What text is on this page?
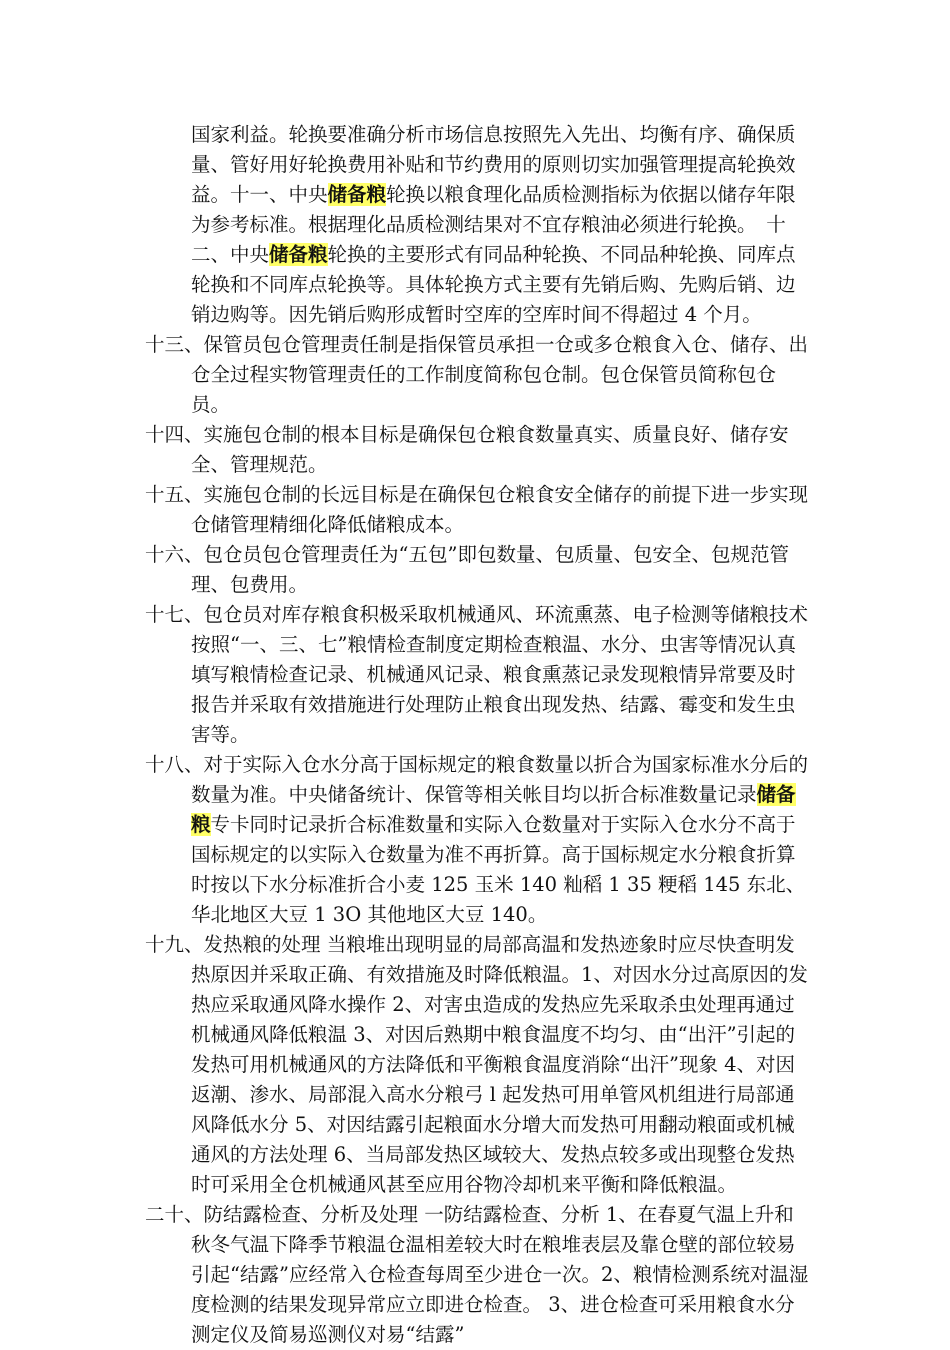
国家利益。轮换要准确分析市场信息按照先入先出、均衡有序、确保质量、管好用好轮换费用补贴和节约费用的原则切实加强管理提高轮换效益。十一、中央储备粮轮换以粮食理化品质检测指标为依据以储存年限为参考标准。根据理化品质检测结果对不宜存粮油必须进行轮换。　十二、中央储备粮轮换的主要形式有同品种轮换、不同品种轮换、同库点轮换和不同库点轮换等。具体轮换方式主要有先销后购、先购后销、边销边购等。因先销后购形成暂时空库的空库时间不得超过 4 个月。

十三、保管员包仓管理责任制是指保管员承担一仓或多仓粮食入仓、储存、出仓全过程实物管理责任的工作制度简称包仓制。包仓保管员简称包仓员。

十四、实施包仓制的根本目标是确保包仓粮食数量真实、质量良好、储存安全、管理规范。

十五、实施包仓制的长远目标是在确保包仓粮食安全储存的前提下进一步实现仓储管理精细化降低储粮成本。

十六、包仓员包仓管理责任为“五包”即包数量、包质量、包安全、包规范管理、包费用。

十七、包仓员对库存粮食积极采取机械通风、环流熏蒸、电子检测等储粮技术按照“一、三、七”粮情检查制度定期检查粮温、水分、虫害等情况认真填写粮情检查记录、机械通风记录、粮食熏蒸记录发现粮情异常要及时报告并采取有效措施进行处理防止粮食出现发热、结露、霉变和发生虫害等。

十八、对于实际入仓水分高于国标规定的粮食数量以折合为国家标准水分后的数量为准。中央储备统计、保管等相关帐目均以折合标准数量记录储备粮专卡同时记录折合标准数量和实际入仓数量对于实际入仓水分不高于国标规定的以实际入仓数量为准不再折算。高于国标规定水分粮食折算时按以下水分标准折合小麦 125 玉米 140 籼稻 1 35 粳稻 145 东北、华北地区大豆 1 3O 其他地区大豆 140。

十九、发热粮的处理 当粮堆出现明显的局部高温和发热迹象时应尽快查明发热原因并采取正确、有效措施及时降低粮温。1、对因水分过高原因的发热应采取通风降水操作 2、对害虫造成的发热应先采取杀虫处理再通过机械通风降低粮温 3、对因后熟期中粮食温度不均匀、由“出汗”引起的发热可用机械通风的方法降低和平衡粮食温度消除“出汗”现象 4、对因返潮、渗水、局部混入高水分粮弓 l 起发热可用单管风机组进行局部通风降低水分 5、对因结露引起粮面水分增大而发热可用翻动粮面或机械通风的方法处理 6、当局部发热区域较大、发热点较多或出现整仓发热时可采用全仓机械通风甚至应用谷物冷却机来平衡和降低粮温。

二十、防结露检查、分析及处理 一防结露检查、分析 1、在春夏气温上升和秋冬气温下降季节粮温仓温相差较大时在粮堆表层及靠仓壁的部位较易引起“结露”应经常入仓检查每周至少进仓一次。2、粮情检测系统对温湿度检测的结果发现异常应立即进仓检查。 3、进仓检查可采用粮食水分测定仪及简易巡测仪对易“结露”
